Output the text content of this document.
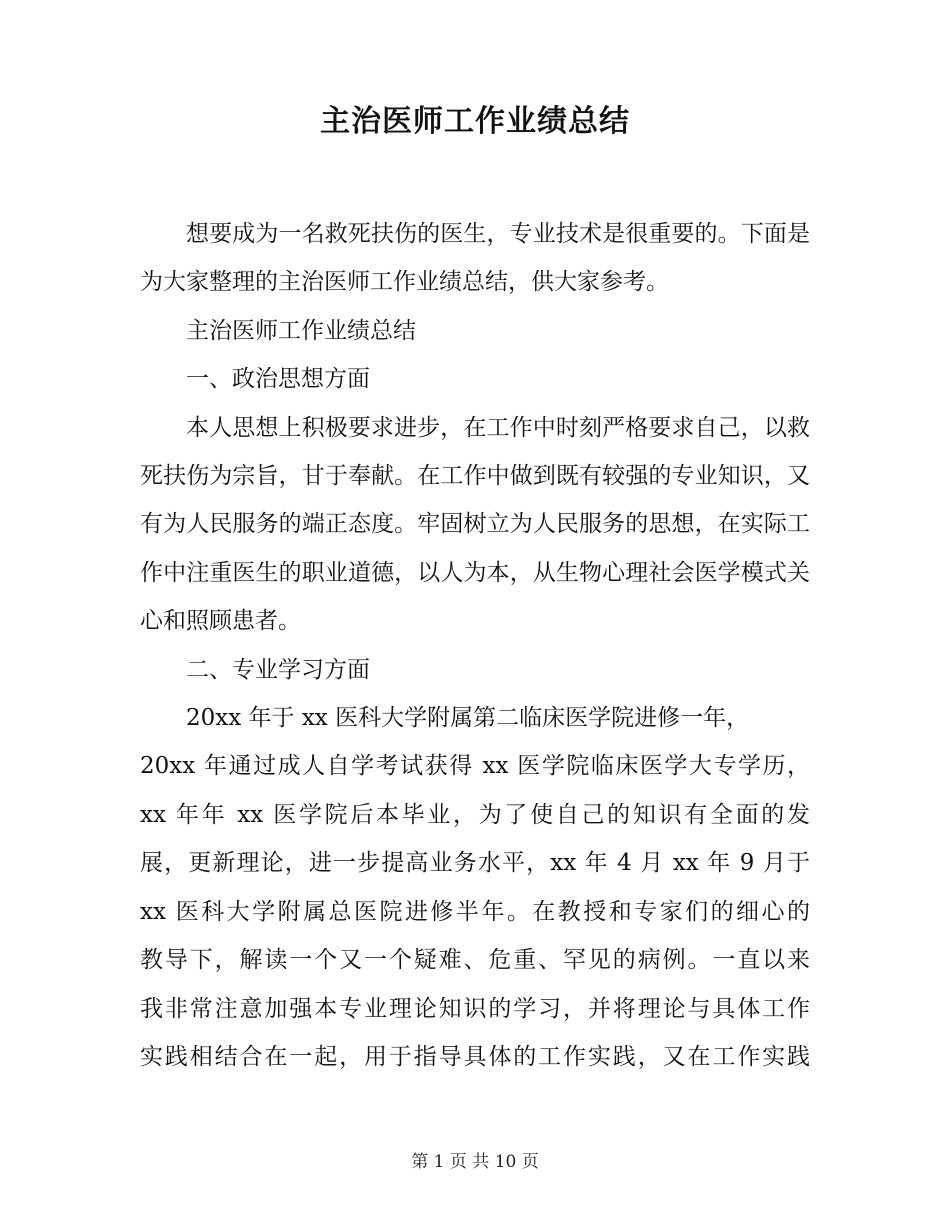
主治医师工作业绩总结

想要成为一名救死扶伤的医生，专业技术是很重要的。下面是为大家整理的主治医师工作业绩总结，供大家参考。

主治医师工作业绩总结

一、政治思想方面

本人思想上积极要求进步，在工作中时刻严格要求自己，以救死扶伤为宗旨，甘于奉献。在工作中做到既有较强的专业知识，又有为人民服务的端正态度。牢固树立为人民服务的思想，在实际工作中注重医生的职业道德，以人为本，从生物心理社会医学模式关心和照顾患者。

二、专业学习方面

20xx 年于 xx 医科大学附属第二临床医学院进修一年，

20xx 年通过成人自学考试获得 xx 医学院临床医学大专学历，

xx 年年 xx 医学院后本毕业，为了使自己的知识有全面的发

展，更新理论，进一步提高业务水平，xx 年 4 月 xx 年 9 月于

xx 医科大学附属总医院进修半年。在教授和专家们的细心的

教导下，解读一个又一个疑难、危重、罕见的病例。一直以来

我非常注意加强本专业理论知识的学习，并将理论与具体工作

实践相结合在一起，用于指导具体的工作实践，又在工作实践

第 1 页 共 10 页
